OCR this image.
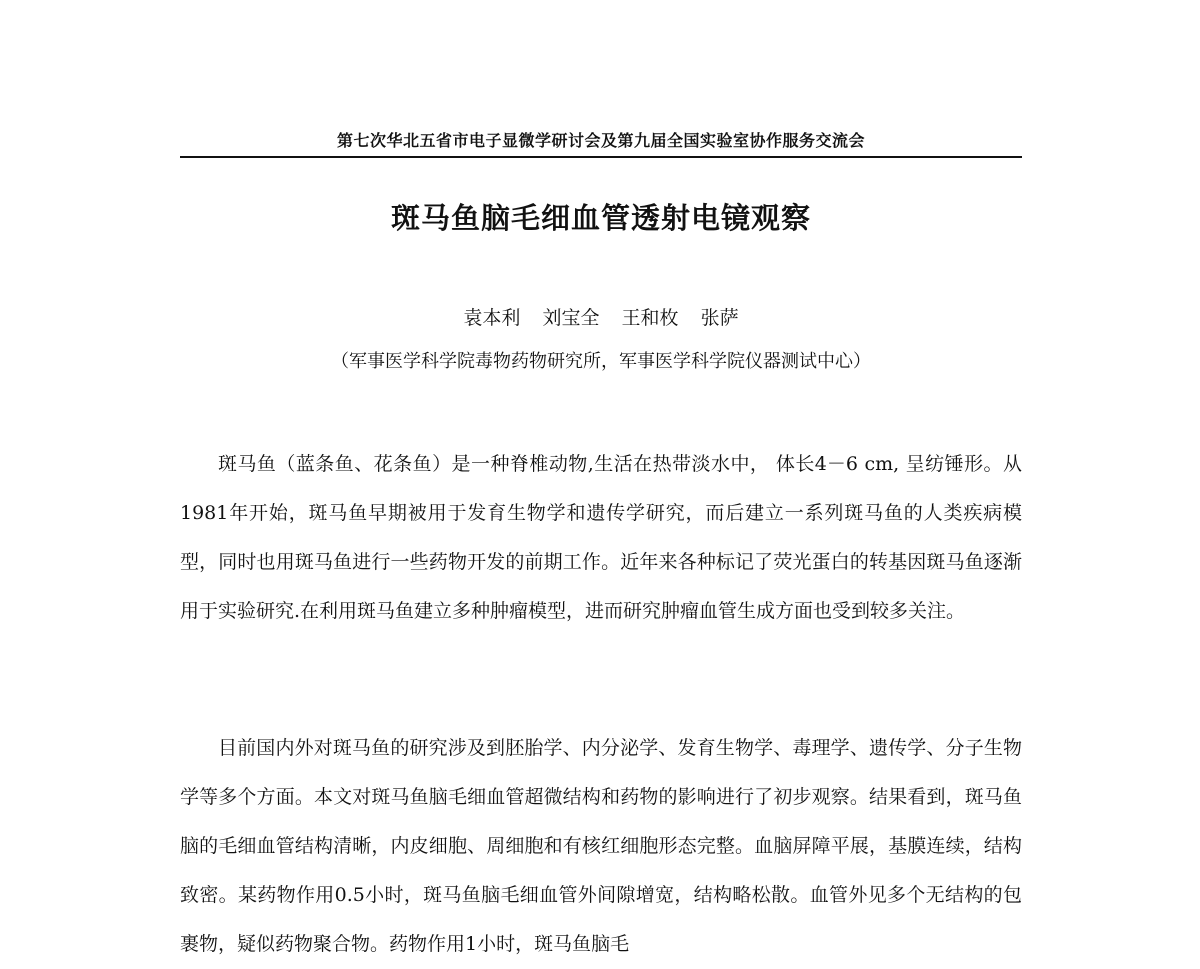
第七次华北五省市电子显微学研讨会及第九届全国实验室协作服务交流会
斑马鱼脑毛细血管透射电镜观察
袁本利 刘宝全 王和枚 张萨
（军事医学科学院毒物药物研究所，军事医学科学院仪器测试中心）

斑马鱼（蓝条鱼、花条鱼）是一种脊椎动物,生活在热带淡水中， 体长4－6 cm, 呈纺锤形。从1981年开始，斑马鱼早期被用于发育生物学和遗传学研究，而后建立一系列斑马鱼的人类疾病模型，同时也用斑马鱼进行一些药物开发的前期工作。近年来各种标记了荧光蛋白的转基因斑马鱼逐渐用于实验研究.在利用斑马鱼建立多种肿瘤模型，进而研究肿瘤血管生成方面也受到较多关注。

目前国内外对斑马鱼的研究涉及到胚胎学、内分泌学、发育生物学、毒理学、遗传学、分子生物学等多个方面。本文对斑马鱼脑毛细血管超微结构和药物的影响进行了初步观察。结果看到，斑马鱼脑的毛细血管结构清晰，内皮细胞、周细胞和有核红细胞形态完整。血脑屏障平展，基膜连续，结构致密。某药物作用0.5小时，斑马鱼脑毛细血管外间隙增宽，结构略松散。血管外见多个无结构的包裹物，疑似药物聚合物。药物作用1小时，斑马鱼脑毛
